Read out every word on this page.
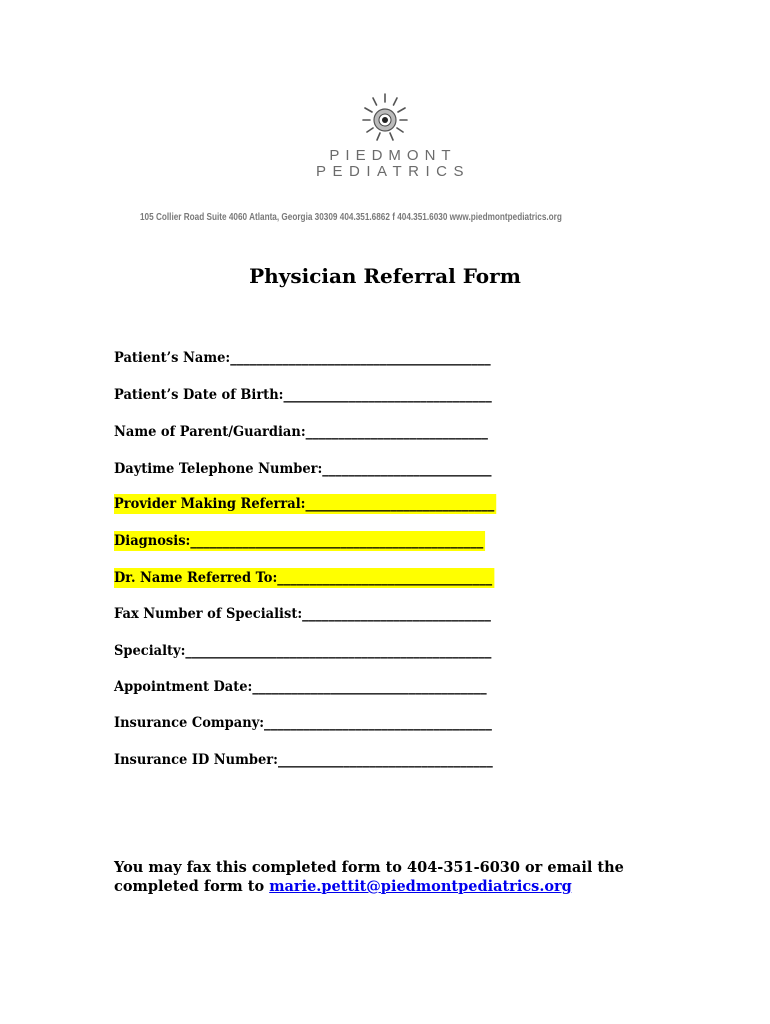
PIEDMONT
PEDIATRICS
105 Collier Road Suite 4060 Atlanta, Georgia 30309 404.351.6862 f 404.351.6030 www.piedmontpediatrics.org
Physician Referral Form
Patient’s Name:________________________________________
Patient’s Date of Birth:________________________________
Name of Parent/Guardian:____________________________
Daytime Telephone Number:__________________________
Provider Making Referral:_____________________________
Diagnosis:_____________________________________________
Dr. Name Referred To:_________________________________
Fax Number of Specialist:_____________________________
Specialty:_______________________________________________
Appointment Date:____________________________________
Insurance Company:___________________________________
Insurance ID Number:_________________________________
You may fax this completed form to 404-351-6030 or email the
completed form to marie.pettit@piedmontpediatrics.org
